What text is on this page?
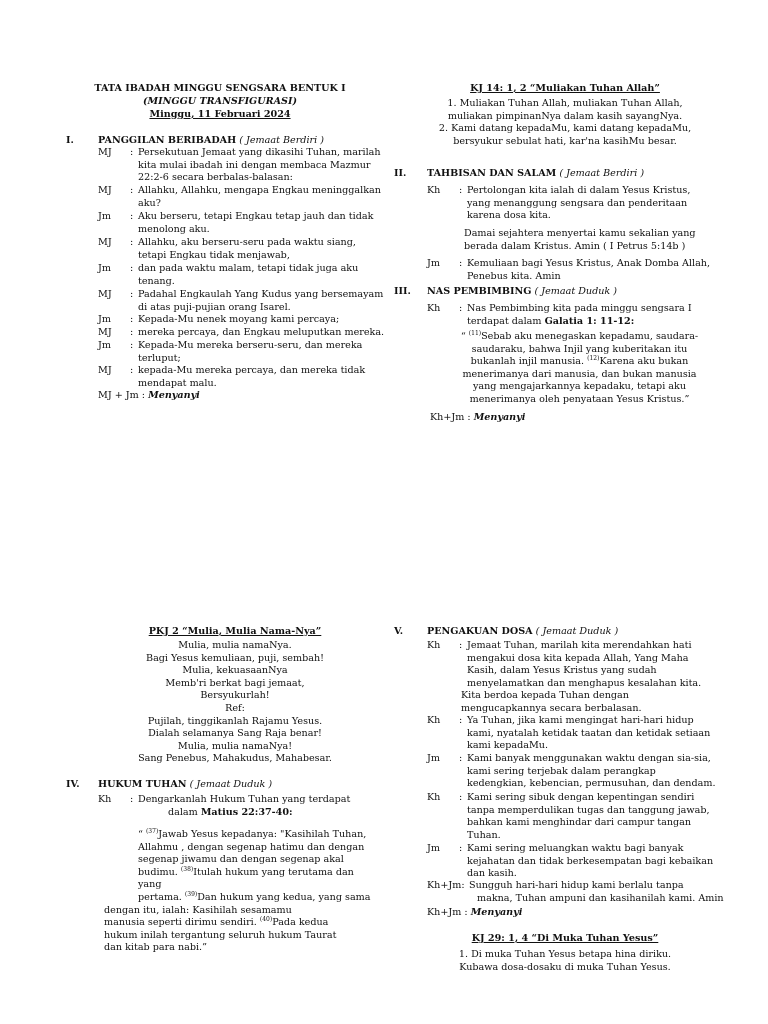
TATA IBADAH MINGGU SENGSARA BENTUK I
(MINGGU TRANSFIGURASI)
Minggu, 11 Februari 2024
I.	PANGGILAN BERIBADAH ( Jemaat Berdiri )
MJ : Persekutuan Jemaat yang dikasihi Tuhan, marilah
kita mulai ibadah ini dengan membaca Mazmur
22:2-6 secara berbalas-balasan:
MJ : Allahku, Allahku, mengapa Engkau meninggalkan
aku?
Jm : Aku berseru, tetapi Engkau tetap jauh dan tidak
menolong aku.
MJ : Allahku, aku berseru-seru pada waktu siang,
tetapi Engkau tidak menjawab,
Jm : dan pada waktu malam, tetapi tidak juga aku
tenang.
MJ : Padahal Engkaulah Yang Kudus yang bersemayam
di atas puji-pujian orang Isarel.
Jm : Kepada-Mu nenek moyang kami percaya;
MJ : mereka percaya, dan Engkau meluputkan mereka.
Jm : Kepada-Mu mereka berseru-seru, dan mereka
terluput;
MJ : kepada-Mu mereka percaya, dan mereka tidak
mendapat malu.
MJ + Jm : Menyanyi
KJ 14: 1, 2 “Muliakan Tuhan Allah”
1. Muliakan Tuhan Allah, muliakan Tuhan Allah,
muliakan pimpinanNya dalam kasih sayangNya.
2. Kami datang kepadaMu, kami datang kepadaMu,
bersyukur sebulat hati, kar'na kasihMu besar.
II. TAHBISAN DAN SALAM ( Jemaat Berdiri )
Kh : Pertolongan kita ialah di dalam Yesus Kristus,
yang menanggung sengsara dan penderitaan
karena dosa kita.
Damai sejahtera menyertai kamu sekalian yang
berada dalam Kristus. Amin ( I Petrus 5:14b )
Jm : Kemuliaan bagi Yesus Kristus, Anak Domba Allah,
Penebus kita. Amin
III. NAS PEMBIMBING ( Jemaat Duduk )
Kh : Nas Pembimbing kita pada minggu sengsara I
terdapat dalam Galatia 1: 11-12:
“ $^{(11)}$Sebab aku menegaskan kepadamu, saudara-
saudaraku, bahwa Injil yang kuberitakan itu
bukanlah injil manusia. $^{(12)}$Karena aku bukan
menerimanya dari manusia, dan bukan manusia
yang mengajarkannya kepadaku, tetapi aku
menerimanya oleh penyataan Yesus Kristus.”
Kh+Jm : Menyanyi
PKJ 2 “Mulia, Mulia Nama-Nya”
Mulia, mulia namaNya.
Bagi Yesus kemuliaan, puji, sembah!
Mulia, kekuasaanNya
Memb'ri berkat bagi jemaat,
Bersyukurlah!
Ref:
Pujilah, tinggikanlah Rajamu Yesus.
Dialah selamanya Sang Raja benar!
Mulia, mulia namaNya!
Sang Penebus, Mahakudus, Mahabesar.
IV. HUKUM TUHAN ( Jemaat Duduk )
Kh : Dengarkanlah Hukum Tuhan yang terdapat
dalam Matius 22:37-40:
“ $^{(37)}$Jawab Yesus kepadanya: "Kasihilah Tuhan,
Allahmu , dengan segenap hatimu dan dengan
segenap jiwamu dan dengan segenap akal
budimu. $^{(38)}$Itulah hukum yang terutama dan yang
pertama. $^{(39)}$Dan hukum yang kedua, yang sama
dengan itu, ialah: Kasihilah sesamamu
manusia seperti dirimu sendiri. $^{(40)}$Pada kedua
hukum inilah tergantung seluruh hukum Taurat
dan kitab para nabi.”
V. PENGAKUAN DOSA ( Jemaat Duduk )
Kh : Jemaat Tuhan, marilah kita merendahkan hati
mengakui dosa kita kepada Allah, Yang Maha
Kasih, dalam Yesus Kristus yang sudah
menyelamatkan dan menghapus kesalahan kita.
Kita berdoa kepada Tuhan dengan
mengucapkannya secara berbalasan.
Kh : Ya Tuhan, jika kami mengingat hari-hari hidup
kami, nyatalah ketidak taatan dan ketidak setiaan
kami kepadaMu.
Jm : Kami banyak menggunakan waktu dengan sia-sia,
kami sering terjebak dalam perangkap
kedengkian, kebencian, permusuhan, dan dendam.
Kh : Kami sering sibuk dengan kepentingan sendiri
tanpa memperdulikan tugas dan tanggung jawab,
bahkan kami menghindar dari campur tangan
Tuhan.
Jm : Kami sering meluangkan waktu bagi banyak
kejahatan dan tidak berkesempatan bagi kebaikan
dan kasih.
Kh+Jm: Sungguh hari-hari hidup kami berlalu tanpa
makna, Tuhan ampuni dan kasihanilah kami. Amin
Kh+Jm : Menyanyi
KJ 29: 1, 4 “Di Muka Tuhan Yesus”
1. Di muka Tuhan Yesus betapa hina diriku.
Kubawa dosa-dosaku di muka Tuhan Yesus.
